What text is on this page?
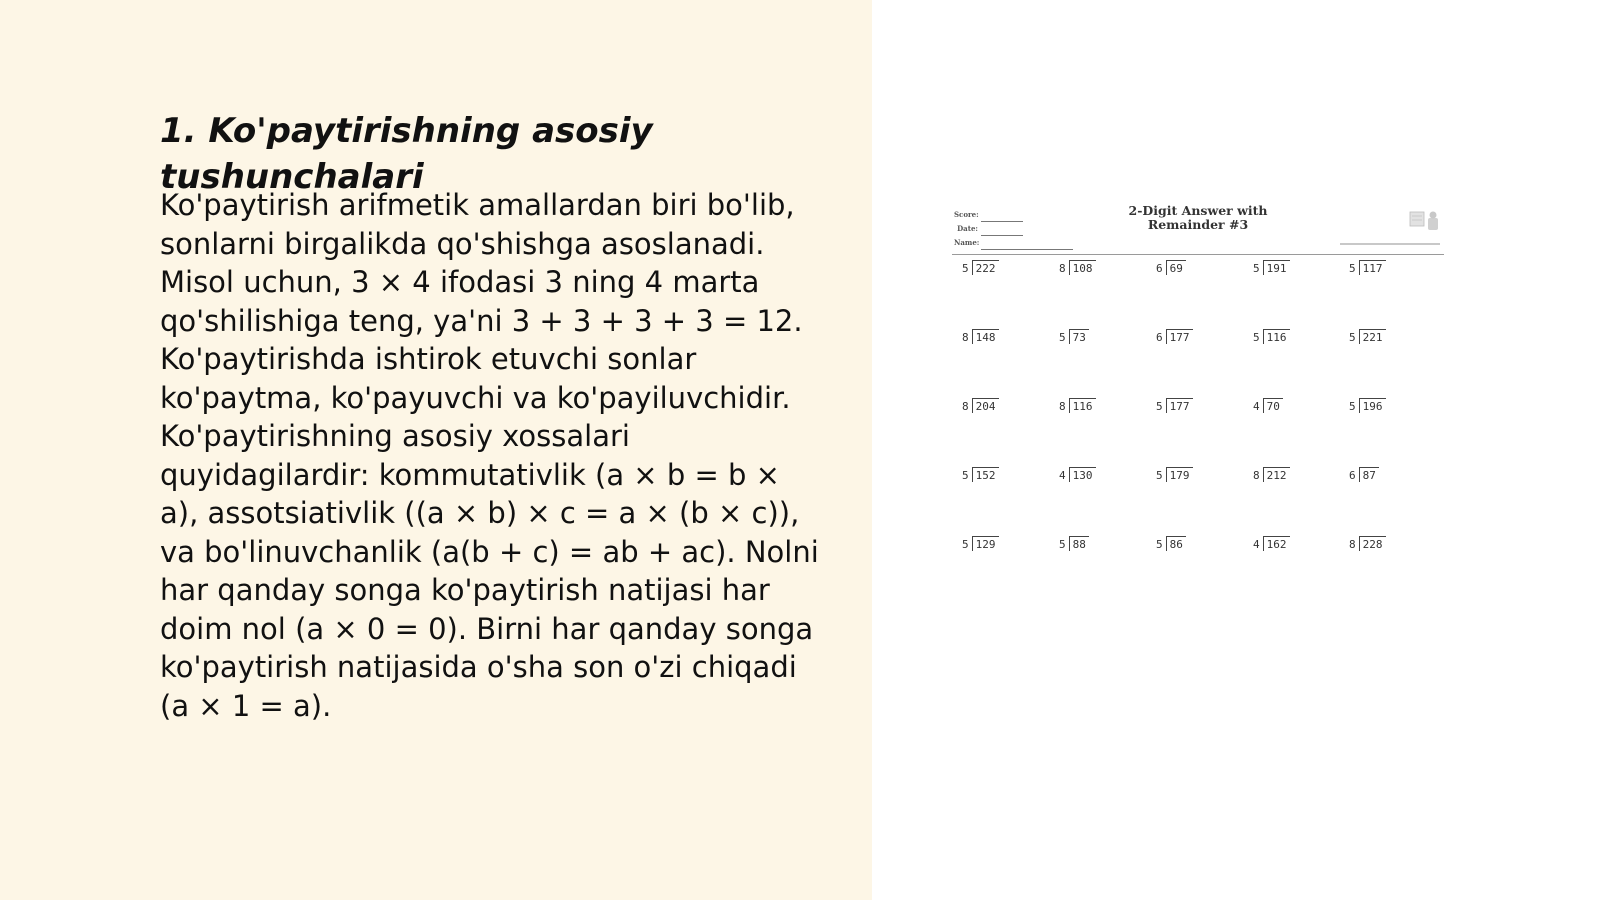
1. Ko'paytirishning asosiy tushunchalari

Ko'paytirish arifmetik amallardan biri bo'lib, sonlarni birgalikda qo'shishga asoslanadi. Misol uchun, 3 × 4 ifodasi 3 ning 4 marta qo'shilishiga teng, ya'ni 3 + 3 + 3 + 3 = 12. Ko'paytirishda ishtirok etuvchi sonlar ko'paytma, ko'payuvchi va ko'payiluvchidir. Ko'paytirishning asosiy xossalari quyidagilardir: kommutativlik (a × b = b × a), assotsiativlik ((a × b) × c = a × (b × c)), va bo'linuvchanlik (a(b + c) = ab + ac). Nolni har qanday songa ko'paytirish natijasi har doim nol (a × 0 = 0). Birni har qanday songa ko'paytirish natijasida o'sha son o'zi chiqadi (a × 1 = a).

Score:
Date:
Name:
2-Digit Answer with Remainder #3
5 222	8 108	6 69	5 191	5 117
8 148	5 73	6 177	5 116	5 221
8 204	8 116	5 177	4 70	5 196
5 152	4 130	5 179	8 212	6 87
5 129	5 88	5 86	4 162	8 228
